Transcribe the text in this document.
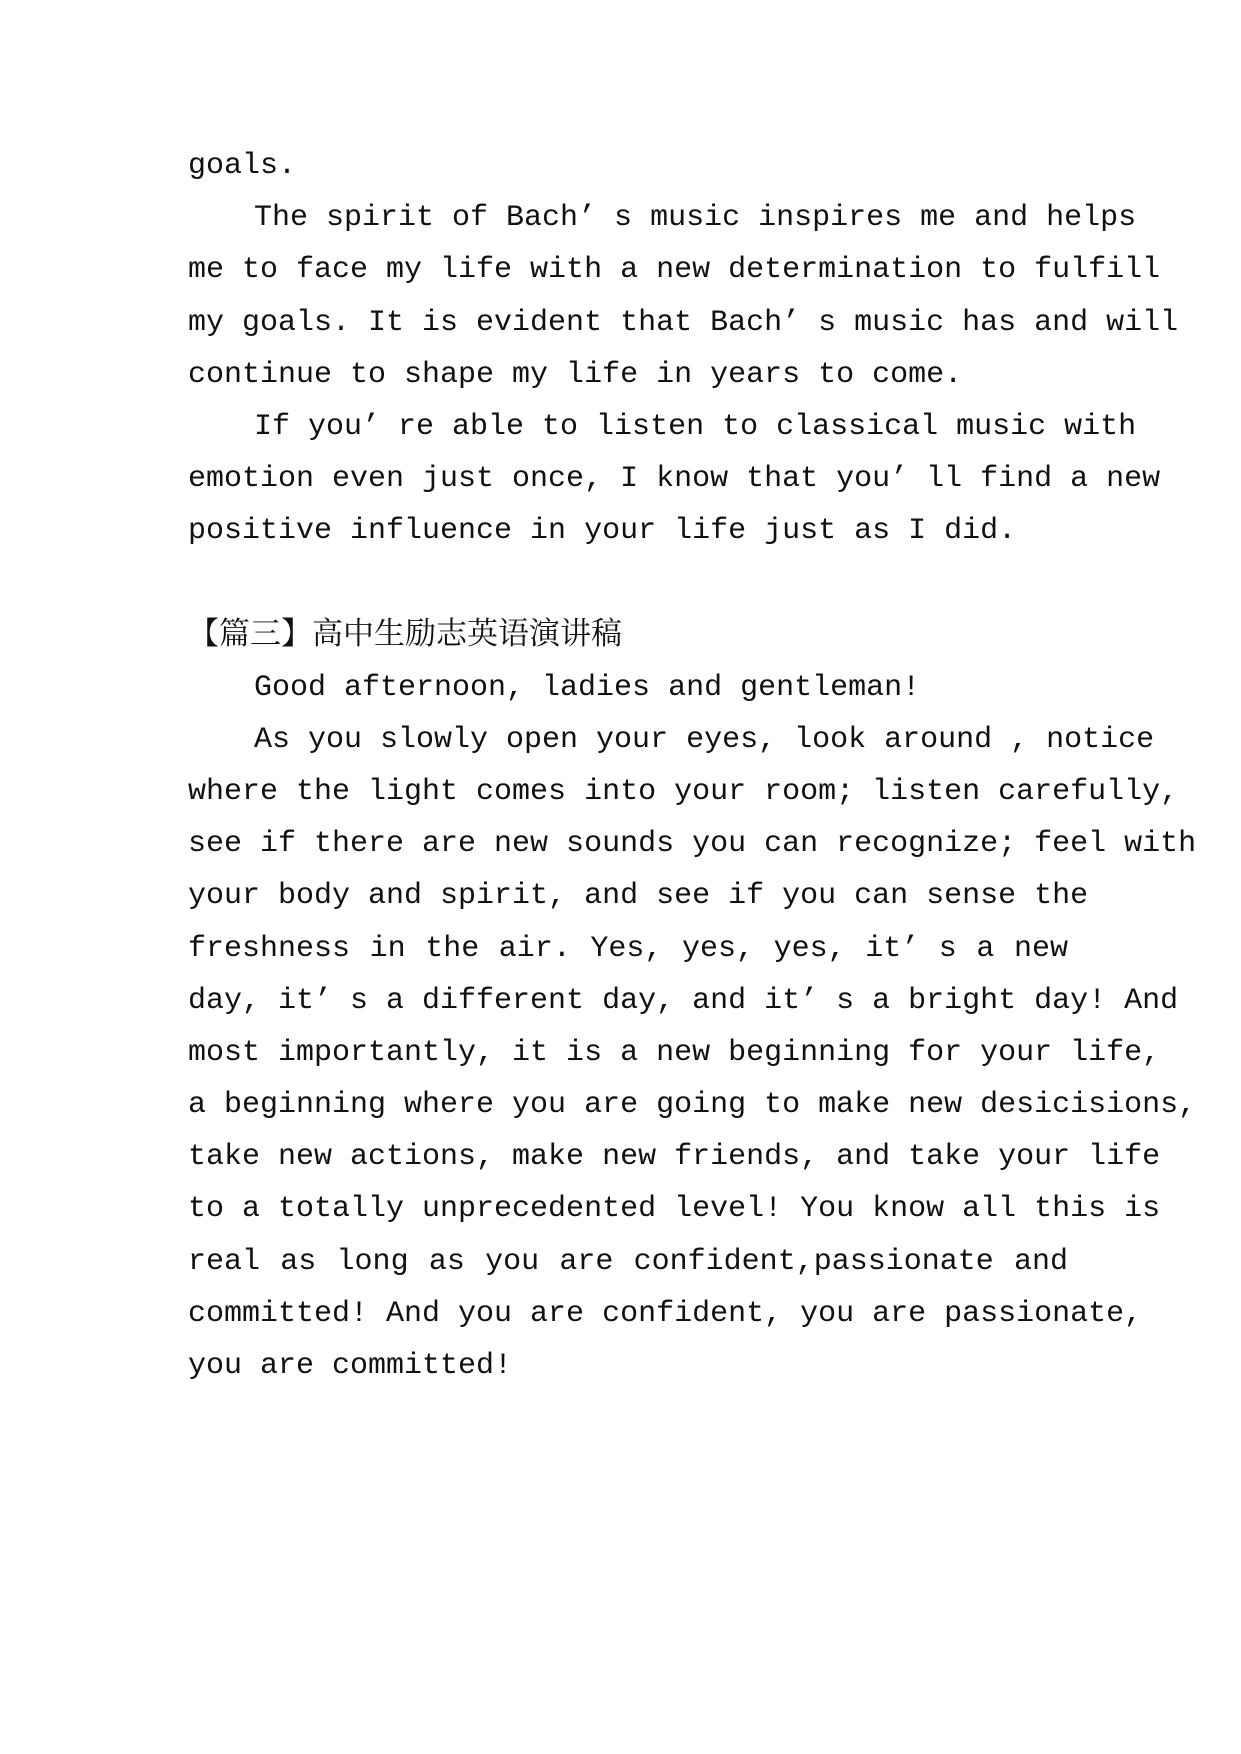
goals.

The spirit of Bach’ s music inspires me and helps

me to face my life with a new determination to fulfill

my goals. It is evident that Bach’ s music has and will

continue to shape my life in years to come.

If you’ re able to listen to classical music with

emotion even just once, I know that you’ ll find a new

positive influence in your life just as I did.

【篇三】高中生励志英语演讲稿

Good afternoon, ladies and gentleman!

As you slowly open your eyes, look around , notice

where the light comes into your room; listen carefully,

see if there are new sounds you can recognize; feel with

your body and spirit, and see if you can sense the

freshness in the air. Yes, yes, yes, it’ s a new

day, it’ s a different day, and it’ s a bright day! And

most importantly, it is a new beginning for your life,

a beginning where you are going to make new desicisions,

take new actions, make new friends, and take your life

to a totally unprecedented level! You know all this is

real as long as you are confident,passionate and

committed! And you are confident, you are passionate,

you are committed!
